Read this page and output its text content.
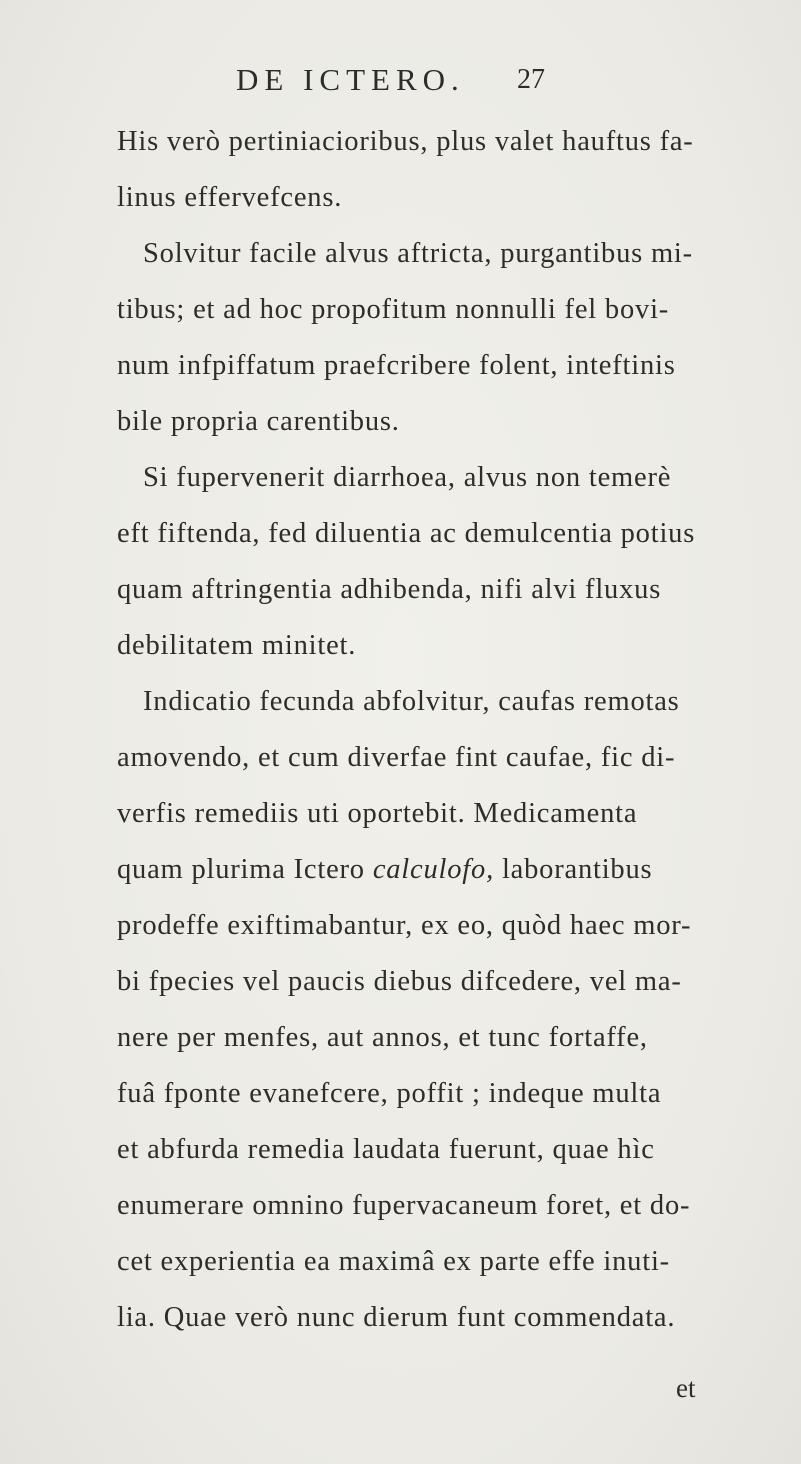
DE ICTERO. 27
His verò pertiniacioribus, plus valet hauftus fa-
linus effervefcens.
Solvitur facile alvus aftricta, purgantibus mi-
tibus; et ad hoc propofitum nonnulli fel bovi-
num infpiffatum praefcribere folent, inteftinis
bile propria carentibus.
Si fupervenerit diarrhoea, alvus non temerè
eft fiftenda, fed diluentia ac demulcentia potius
quam aftringentia adhibenda, nifi alvi fluxus
debilitatem minitet.
Indicatio fecunda abfolvitur, caufas remotas
amovendo, et cum diverfae fint caufae, fic di-
verfis remediis uti oportebit. Medicamenta
quam plurima Ictero calculofo, laborantibus
prodeffe exiftimabantur, ex eo, quòd haec mor-
bi fpecies vel paucis diebus difcedere, vel ma-
nere per menfes, aut annos, et tunc fortaffe,
fuâ fponte evanefcere, poffit ; indeque multa
et abfurda remedia laudata fuerunt, quae hìc
enumerare omnino fupervacaneum foret, et do-
cet experientia ea maximâ ex parte effe inuti-
lia. Quae verò nunc dierum funt commendata.
et
